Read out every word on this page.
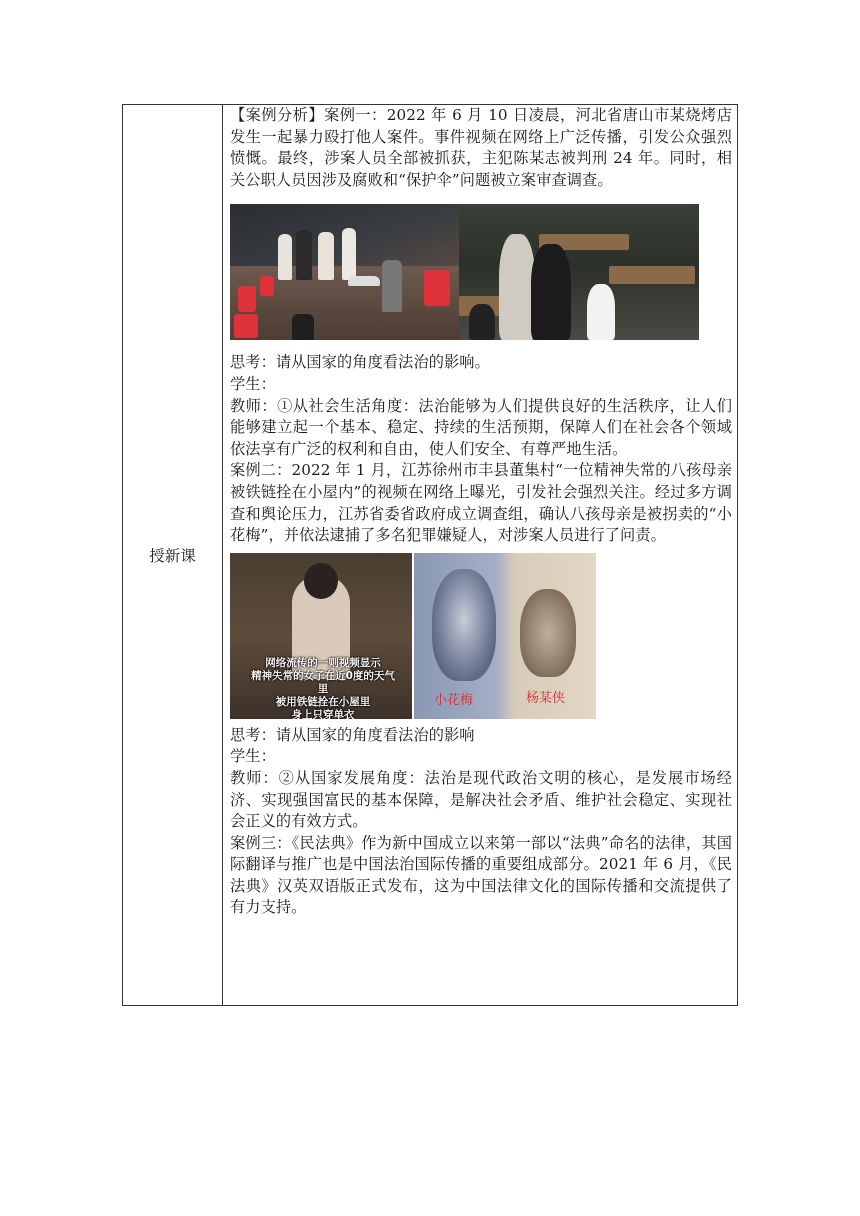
授新课

【案例分析】案例一：2022 年 6 月 10 日凌晨，河北省唐山市某烧烤店发生一起暴力殴打他人案件。事件视频在网络上广泛传播，引发公众强烈愤慨。最终，涉案人员全部被抓获，主犯陈某志被判刑 24 年。同时，相关公职人员因涉及腐败和“保护伞”问题被立案审查调查。

思考：请从国家的角度看法治的影响。

学生：

教师：①从社会生活角度：法治能够为人们提供良好的生活秩序，让人们能够建立起一个基本、稳定、持续的生活预期，保障人们在社会各个领域依法享有广泛的权利和自由，使人们安全、有尊严地生活。

案例二：2022 年 1 月，江苏徐州市丰县董集村“一位精神失常的八孩母亲被铁链拴在小屋内”的视频在网络上曝光，引发社会强烈关注。经过多方调查和舆论压力，江苏省委省政府成立调查组，确认八孩母亲是被拐卖的“小花梅”，并依法逮捕了多名犯罪嫌疑人，对涉案人员进行了问责。

网络流传的一则视频显示
精神失常的女子在近0度的天气里
被用铁链拴在小屋里
身上只穿单衣
小花梅	杨某侠

思考：请从国家的角度看法治的影响

学生：

教师：②从国家发展角度：法治是现代政治文明的核心，是发展市场经济、实现强国富民的基本保障，是解决社会矛盾、维护社会稳定、实现社会正义的有效方式。

案例三：《民法典》作为新中国成立以来第一部以“法典”命名的法律，其国际翻译与推广也是中国法治国际传播的重要组成部分。2021 年 6 月，《民法典》汉英双语版正式发布，这为中国法律文化的国际传播和交流提供了有力支持。
